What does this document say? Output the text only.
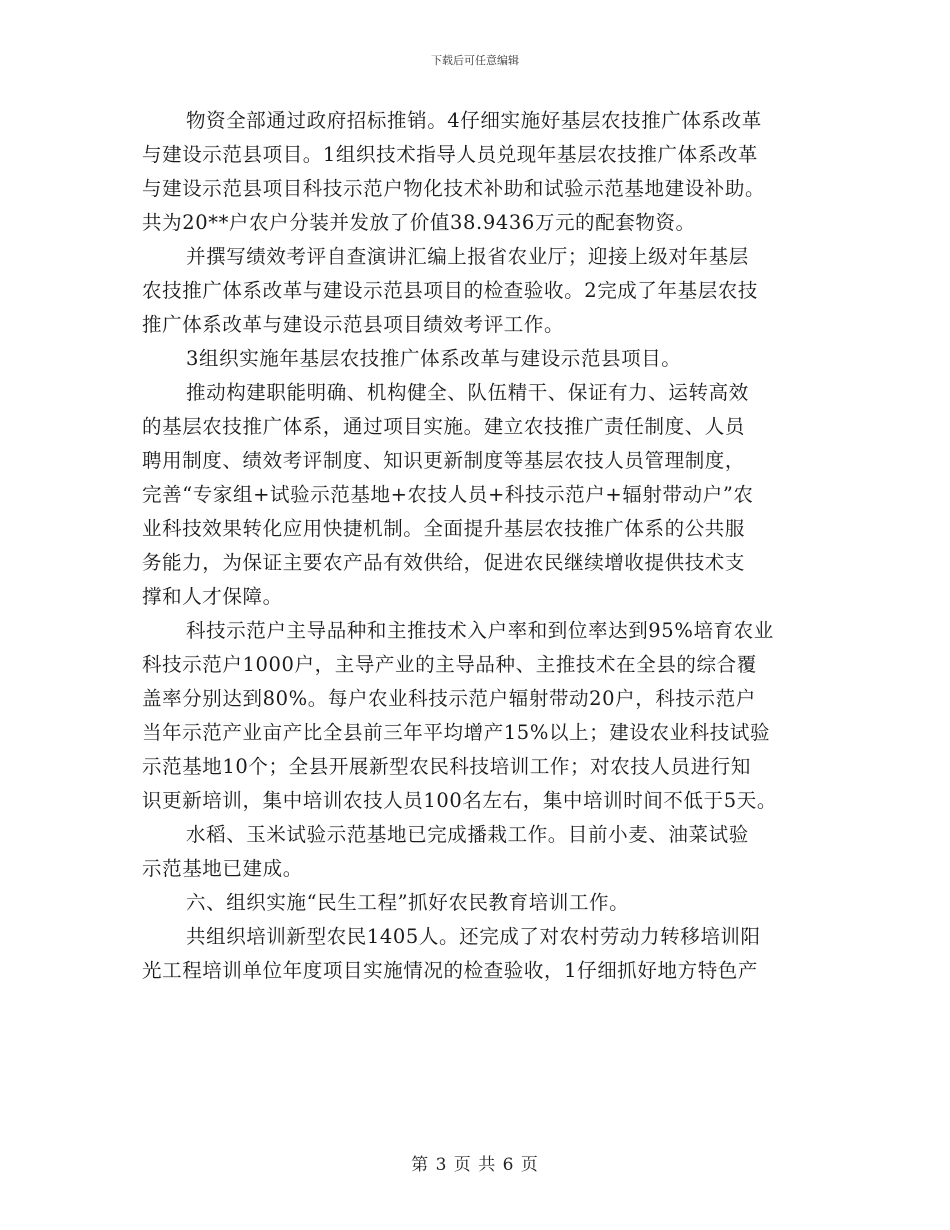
下载后可任意编辑
物资全部通过政府招标推销。4仔细实施好基层农技推广体系改革
与建设示范县项目。1组织技术指导人员兑现年基层农技推广体系改革
与建设示范县项目科技示范户物化技术补助和试验示范基地建设补助。
共为20**户农户分装并发放了价值38.9436万元的配套物资。
并撰写绩效考评自查演讲汇编上报省农业厅；迎接上级对年基层
农技推广体系改革与建设示范县项目的检查验收。2完成了年基层农技
推广体系改革与建设示范县项目绩效考评工作。
3组织实施年基层农技推广体系改革与建设示范县项目。
推动构建职能明确、机构健全、队伍精干、保证有力、运转高效
的基层农技推广体系，通过项目实施。建立农技推广责任制度、人员
聘用制度、绩效考评制度、知识更新制度等基层农技人员管理制度，
完善“专家组+试验示范基地+农技人员+科技示范户+辐射带动户”农
业科技效果转化应用快捷机制。全面提升基层农技推广体系的公共服
务能力，为保证主要农产品有效供给，促进农民继续增收提供技术支
撑和人才保障。
科技示范户主导品种和主推技术入户率和到位率达到95%培育农业
科技示范户1000户，主导产业的主导品种、主推技术在全县的综合覆
盖率分别达到80%。每户农业科技示范户辐射带动20户，科技示范户
当年示范产业亩产比全县前三年平均增产15%以上；建设农业科技试验
示范基地10个；全县开展新型农民科技培训工作；对农技人员进行知
识更新培训，集中培训农技人员100名左右，集中培训时间不低于5天。
水稻、玉米试验示范基地已完成播栽工作。目前小麦、油菜试验
示范基地已建成。
六、组织实施“民生工程”抓好农民教育培训工作。
共组织培训新型农民1405人。还完成了对农村劳动力转移培训阳
光工程培训单位年度项目实施情况的检查验收，1仔细抓好地方特色产
第 3 页 共 6 页
